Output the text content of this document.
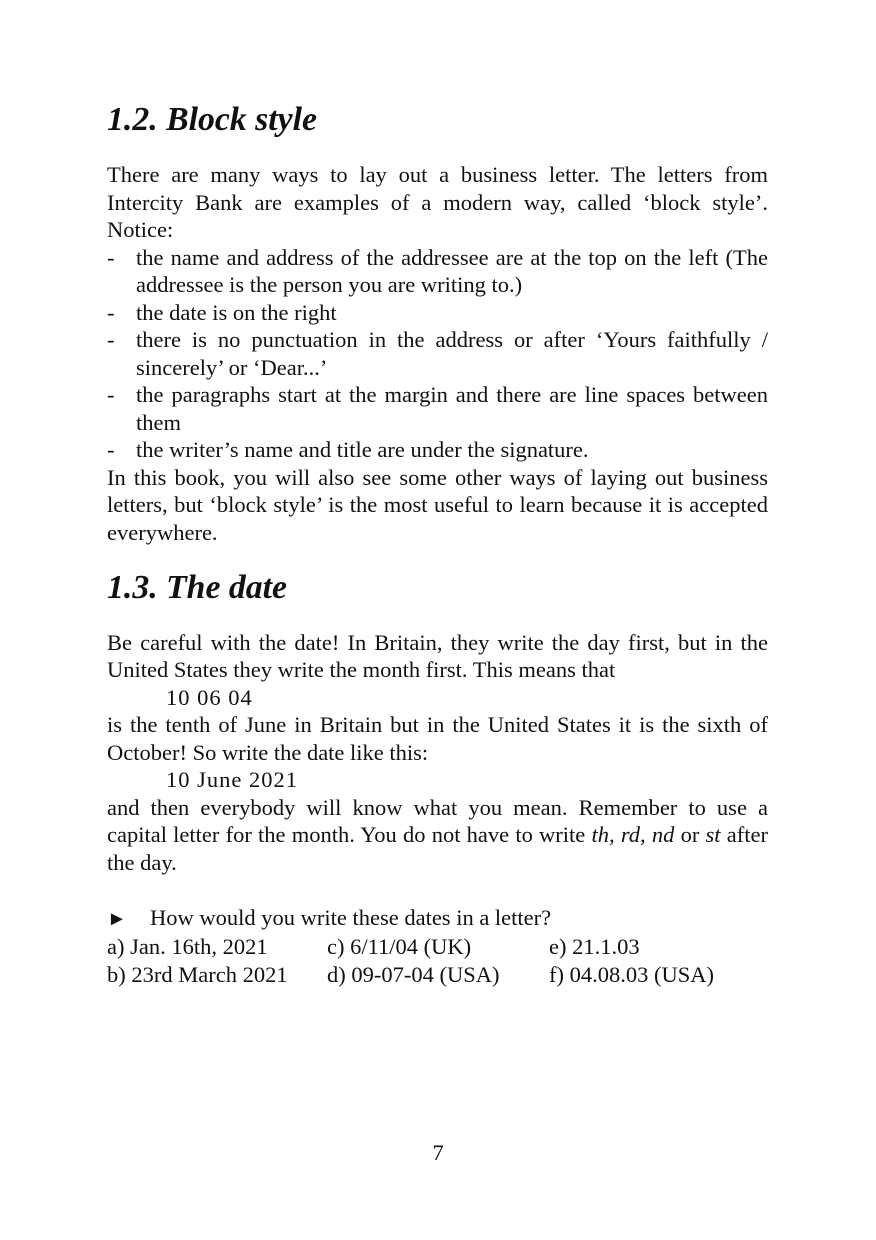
1.2. Block style

There are many ways to lay out a business letter. The letters from Intercity Bank are examples of a modern way, called ‘block style’. Notice:

- the name and address of the addressee are at the top on the left (The addressee is the person you are writing to.)
- the date is on the right
- there is no punctuation in the address or after ‘Yours faithfully / sincerely’ or ‘Dear...’
- the paragraphs start at the margin and there are line spaces between them
- the writer’s name and title are under the signature.

In this book, you will also see some other ways of laying out business letters, but ‘block style’ is the most useful to learn because it is accepted everywhere.

1.3. The date

Be careful with the date! In Britain, they write the day first, but in the United States they write the month first. This means that

10 06 04

is the tenth of June in Britain but in the United States it is the sixth of October! So write the date like this:

10 June 2021

and then everybody will know what you mean. Remember to use a capital letter for the month. You do not have to write th, rd, nd or st after the day.

► How would you write these dates in a letter?
a) Jan. 16th, 2021	c) 6/11/04 (UK)	e) 21.1.03
b) 23rd March 2021	d) 09-07-04 (USA)	f) 04.08.03 (USA)
7
